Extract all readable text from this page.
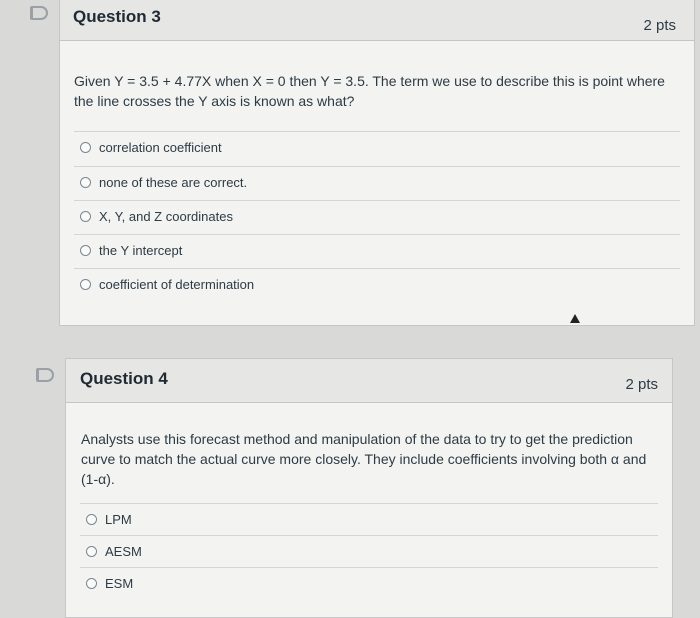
Question 3	2 pts
Given Y = 3.5 + 4.77X when X = 0 then Y = 3.5. The term we use to describe this is point where the line crosses the Y axis is known as what?
correlation coefficient
none of these are correct.
X, Y, and Z coordinates
the Y intercept
coefficient of determination
Question 4	2 pts
Analysts use this forecast method and manipulation of the data to try to get the prediction curve to match the actual curve more closely. They include coefficients involving both α and (1-α).
LPM
AESM
ESM
